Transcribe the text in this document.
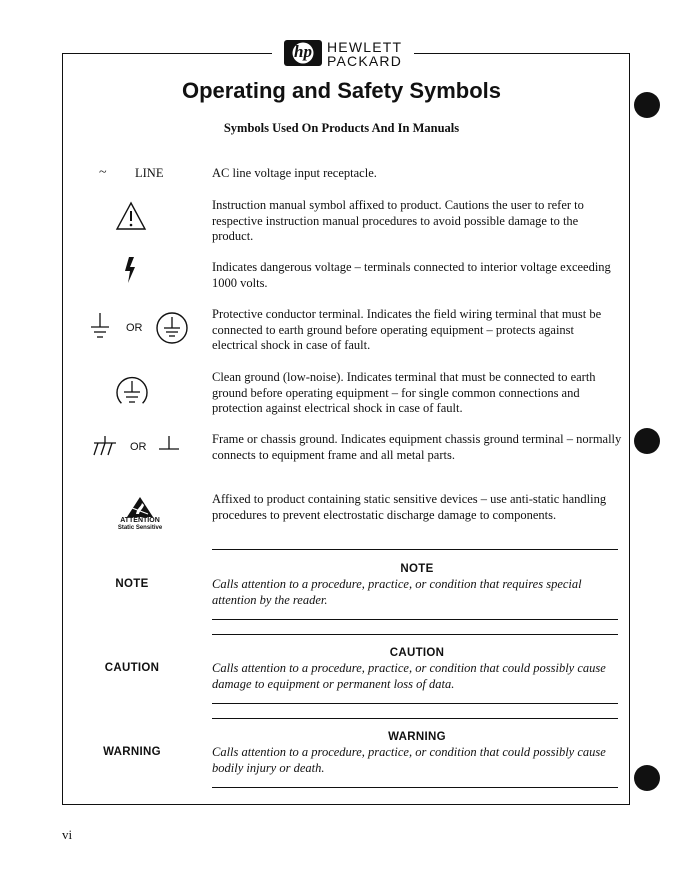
hp	HEWLETT
PACKARD
Operating and Safety Symbols
Symbols Used On Products And In Manuals
~ LINE	AC line voltage input receptacle.
Instruction manual symbol affixed to product. Cautions the user to refer to respective instruction manual procedures to avoid possible damage to the product.
Indicates dangerous voltage – terminals connected to interior voltage exceeding 1000 volts.
OR
Protective conductor terminal. Indicates the field wiring terminal that must be connected to earth ground before operating equipment – protects against electrical shock in case of fault.
Clean ground (low-noise). Indicates terminal that must be connected to earth ground before operating equipment – for single common connections and protection against electrical shock in case of fault.
OR
Frame or chassis ground. Indicates equipment chassis ground terminal – normally connects to equipment frame and all metal parts.
ATTENTION
Static Sensitive
Affixed to product containing static sensitive devices – use anti-static handling procedures to prevent electrostatic discharge damage to components.
NOTE
NOTE	Calls attention to a procedure, practice, or condition that requires special attention by the reader.
CAUTION
CAUTION	Calls attention to a procedure, practice, or condition that could possibly cause damage to equipment or permanent loss of data.
WARNING
WARNING	Calls attention to a procedure, practice, or condition that could possibly cause bodily injury or death.
vi
